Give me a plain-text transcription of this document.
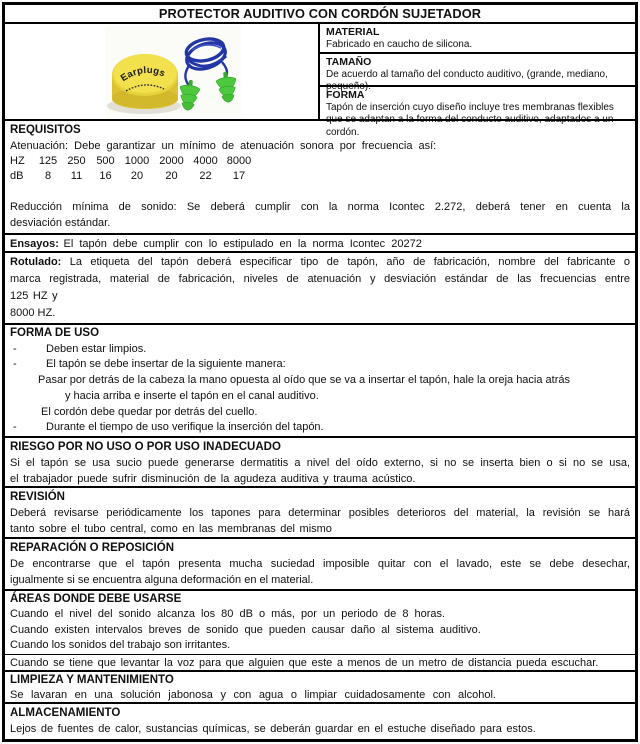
PROTECTOR AUDITIVO CON CORDÓN SUJETADOR
Earplugs
MATERIAL
Fabricado en caucho de silicona.
TAMAÑO
De acuerdo al tamaño del conducto auditivo, (grande, mediano, pequeño).
FORMA
Tapón de inserción cuyo diseño incluye tres membranas flexibles que se adaptan a la forma del conducto auditivo, adaptados a un cordón.
REQUISITOS
Atenuación: Debe garantizar un mínimo de atenuación sonora por frecuencia así:
HZ	125 250 500 1000 2000 4000 8000
dB	8	11	16	20	20	22	17
Reducción mínima de sonido: Se deberá cumplir con la norma Icontec 2.272, deberá tener en cuenta la
desviación estándar.
Ensayos: El tapón debe cumplir con lo estipulado en la norma Icontec 20272
Rotulado: La etiqueta del tapón deberá especificar tipo de tapón, año de fabricación, nombre del fabricante o
marca registrada, material de fabricación, niveles de atenuación y desviación estándar de las frecuencias entre
125 HZ y
8000 HZ.
FORMA DE USO
-	Deben estar limpios.
-	El tapón se debe insertar de la siguiente manera:
Pasar por detrás de la cabeza la mano opuesta al oído que se va a insertar el tapón, hale la oreja hacia atrás
y hacia arriba e inserte el tapón en el canal auditivo.
El cordón debe quedar por detrás del cuello.
-	Durante el tiempo de uso verifique la inserción del tapón.
RIESGO POR NO USO O POR USO INADECUADO
Si el tapón se usa sucio puede generarse dermatitis a nivel del oído externo, si no se inserta bien o si no se usa,
el trabajador puede sufrir disminución de la agudeza auditiva y trauma acústico.
REVISIÓN
Deberá revisarse periódicamente los tapones para determinar posibles deterioros del material, la revisión se hará
tanto sobre el tubo central, como en las membranas del mismo
REPARACIÓN O REPOSICIÓN
De encontrarse que el tapón presenta mucha suciedad imposible quitar con el lavado, este se debe desechar,
igualmente si se encuentra alguna deformación en el material.
ÁREAS DONDE DEBE USARSE
Cuando el nivel del sonido alcanza los 80 dB o más, por un periodo de 8 horas.
Cuando existen intervalos breves de sonido que pueden causar daño al sistema auditivo.
Cuando los sonidos del trabajo son irritantes.
Cuando se tiene que levantar la voz para que alguien que este a menos de un metro de distancia pueda escuchar.
LIMPIEZA Y MANTENIMIENTO
Se lavaran en una solución jabonosa y con agua o limpiar cuidadosamente con alcohol.
ALMACENAMIENTO
Lejos de fuentes de calor, sustancias químicas, se deberán guardar en el estuche diseñado para estos.
